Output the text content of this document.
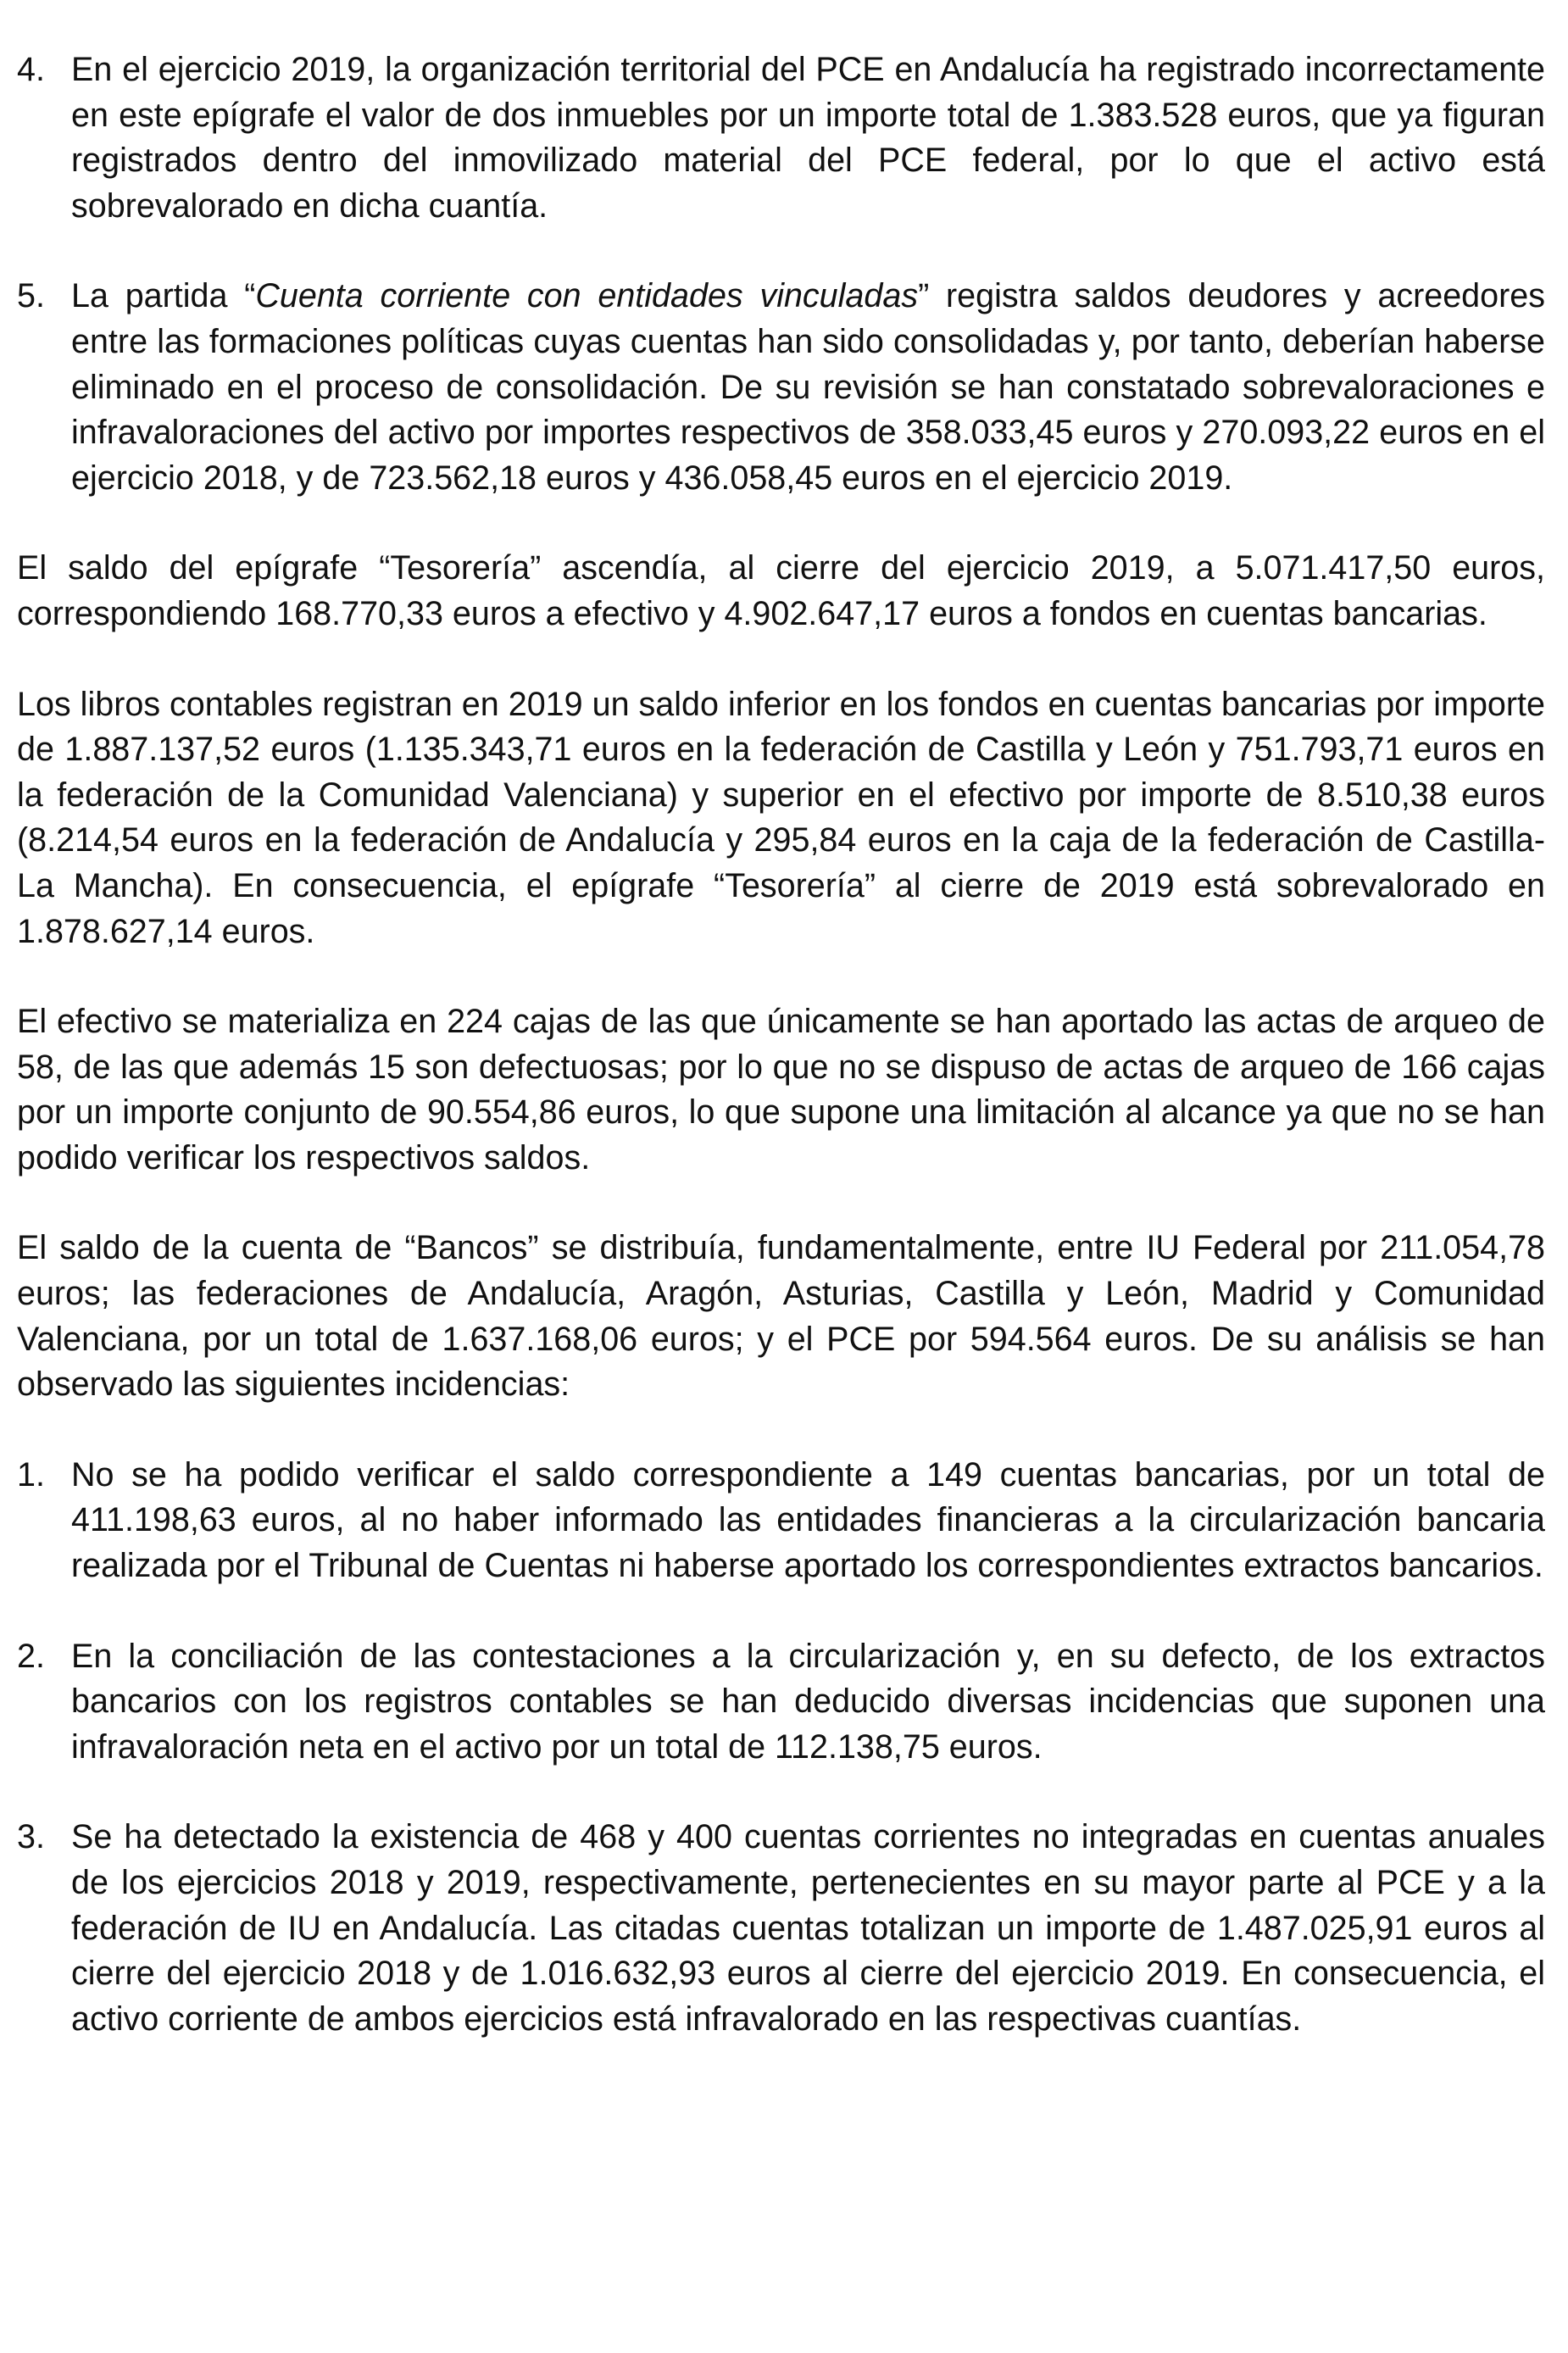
4. En el ejercicio 2019, la organización territorial del PCE en Andalucía ha registrado incorrectamente en este epígrafe el valor de dos inmuebles por un importe total de 1.383.528 euros, que ya figuran registrados dentro del inmovilizado material del PCE federal, por lo que el activo está sobrevalorado en dicha cuantía.
5. La partida “Cuenta corriente con entidades vinculadas” registra saldos deudores y acreedores entre las formaciones políticas cuyas cuentas han sido consolidadas y, por tanto, deberían haberse eliminado en el proceso de consolidación. De su revisión se han constatado sobrevaloraciones e infravaloraciones del activo por importes respectivos de 358.033,45 euros y 270.093,22 euros en el ejercicio 2018, y de 723.562,18 euros y 436.058,45 euros en el ejercicio 2019.

El saldo del epígrafe “Tesorería” ascendía, al cierre del ejercicio 2019, a 5.071.417,50 euros, correspondiendo 168.770,33 euros a efectivo y 4.902.647,17 euros a fondos en cuentas bancarias.

Los libros contables registran en 2019 un saldo inferior en los fondos en cuentas bancarias por importe de 1.887.137,52 euros (1.135.343,71 euros en la federación de Castilla y León y 751.793,71 euros en la federación de la Comunidad Valenciana) y superior en el efectivo por importe de 8.510,38 euros (8.214,54 euros en la federación de Andalucía y 295,84 euros en la caja de la federación de Castilla-La Mancha). En consecuencia, el epígrafe “Tesorería” al cierre de 2019 está sobrevalorado en 1.878.627,14 euros.

El efectivo se materializa en 224 cajas de las que únicamente se han aportado las actas de arqueo de 58, de las que además 15 son defectuosas; por lo que no se dispuso de actas de arqueo de 166 cajas por un importe conjunto de 90.554,86 euros, lo que supone una limitación al alcance ya que no se han podido verificar los respectivos saldos.

El saldo de la cuenta de “Bancos” se distribuía, fundamentalmente, entre IU Federal por 211.054,78 euros; las federaciones de Andalucía, Aragón, Asturias, Castilla y León, Madrid y Comunidad Valenciana, por un total de 1.637.168,06 euros; y el PCE por 594.564 euros. De su análisis se han observado las siguientes incidencias:

1. No se ha podido verificar el saldo correspondiente a 149 cuentas bancarias, por un total de 411.198,63 euros, al no haber informado las entidades financieras a la circularización bancaria realizada por el Tribunal de Cuentas ni haberse aportado los correspondientes extractos bancarios.
2. En la conciliación de las contestaciones a la circularización y, en su defecto, de los extractos bancarios con los registros contables se han deducido diversas incidencias que suponen una infravaloración neta en el activo por un total de 112.138,75 euros.
3. Se ha detectado la existencia de 468 y 400 cuentas corrientes no integradas en cuentas anuales de los ejercicios 2018 y 2019, respectivamente, pertenecientes en su mayor parte al PCE y a la federación de IU en Andalucía. Las citadas cuentas totalizan un importe de 1.487.025,91 euros al cierre del ejercicio 2018 y de 1.016.632,93 euros al cierre del ejercicio 2019. En consecuencia, el activo corriente de ambos ejercicios está infravalorado en las respectivas cuantías.
